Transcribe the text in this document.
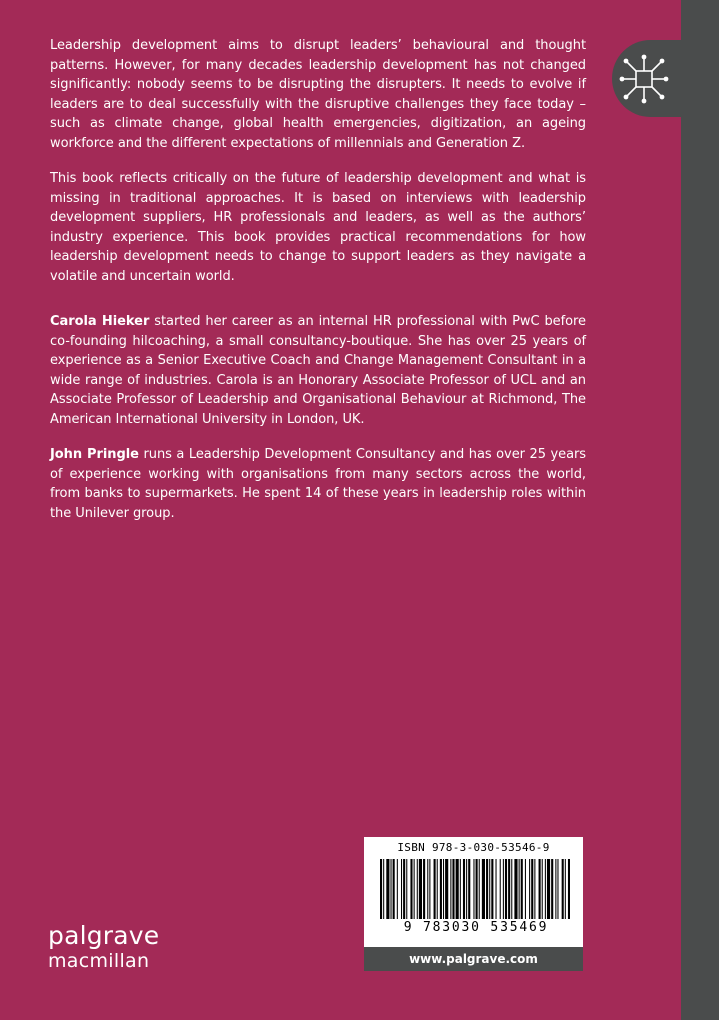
Leadership development aims to disrupt leaders’ behavioural and thought patterns. However, for many decades leadership development has not changed significantly: nobody seems to be disrupting the disrupters. It needs to evolve if leaders are to deal successfully with the disruptive challenges they face today – such as climate change, global health emergencies, digitization, an ageing workforce and the different expectations of millennials and Generation Z.

This book reflects critically on the future of leadership development and what is missing in traditional approaches. It is based on interviews with leadership development suppliers, HR professionals and leaders, as well as the authors’ industry experience. This book provides practical recommendations for how leadership development needs to change to support leaders as they navigate a volatile and uncertain world.

Carola Hieker started her career as an internal HR professional with PwC before co-founding hilcoaching, a small consultancy-boutique. She has over 25 years of experience as a Senior Executive Coach and Change Management Consultant in a wide range of industries. Carola is an Honorary Associate Professor of UCL and an Associate Professor of Leadership and Organisational Behaviour at Richmond, The American International University in London, UK.

John Pringle runs a Leadership Development Consultancy and has over 25 years of experience working with organisations from many sectors across the world, from banks to supermarkets. He spent 14 of these years in leadership roles within the Unilever group.

ISBN 978-3-030-53546-9
9 783030 535469
www.palgrave.com
palgrave
macmillan
